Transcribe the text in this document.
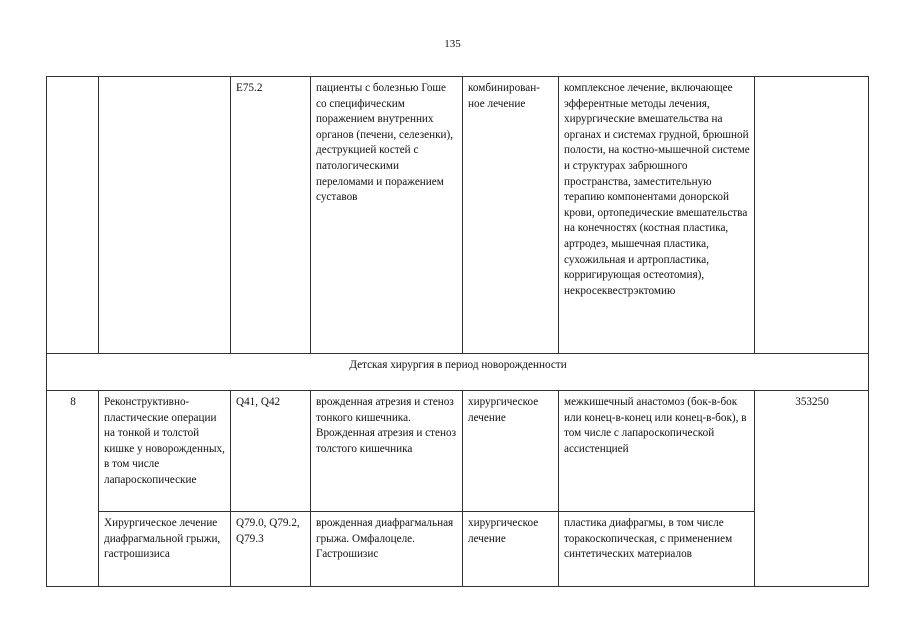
135
		E75.2	пациенты с болезнью Гоше со специфическим поражением внутренних органов (печени, селезенки), деструкцией костей с патологическими переломами и поражением суставов	комбинирован-ное лечение	комплексное лечение, включающее эфферентные методы лечения, хирургические вмешательства на органах и системах грудной, брюшной полости, на костно-мышечной системе и структурах забрюшного пространства, заместительную терапию компонентами донорской крови, ортопедические вмешательства на конечностях (костная пластика, артродез, мышечная пластика, сухожильная и артропластика, корригирующая остеотомия), некросеквестрэктомию	
Детская хирургия в период новорожденности						
8	Реконструктивно-пластические операции на тонкой и толстой кишке у новорожденных, в том числе лапароскопические	Q41, Q42	врожденная атрезия и стеноз тонкого кишечника. Врожденная атрезия и стеноз толстого кишечника	хирургическое лечение	межкишечный анастомоз (бок-в-бок или конец-в-конец или конец-в-бок), в том числе с лапароскопической ассистенцией	353250
	Хирургическое лечение диафрагмальной грыжи, гастрошизиса	Q79.0, Q79.2, Q79.3	врожденная диафрагмальная грыжа. Омфалоцеле. Гастрошизис	хирургическое лечение	пластика диафрагмы, в том числе торакоскопическая, с применением синтетических материалов	
